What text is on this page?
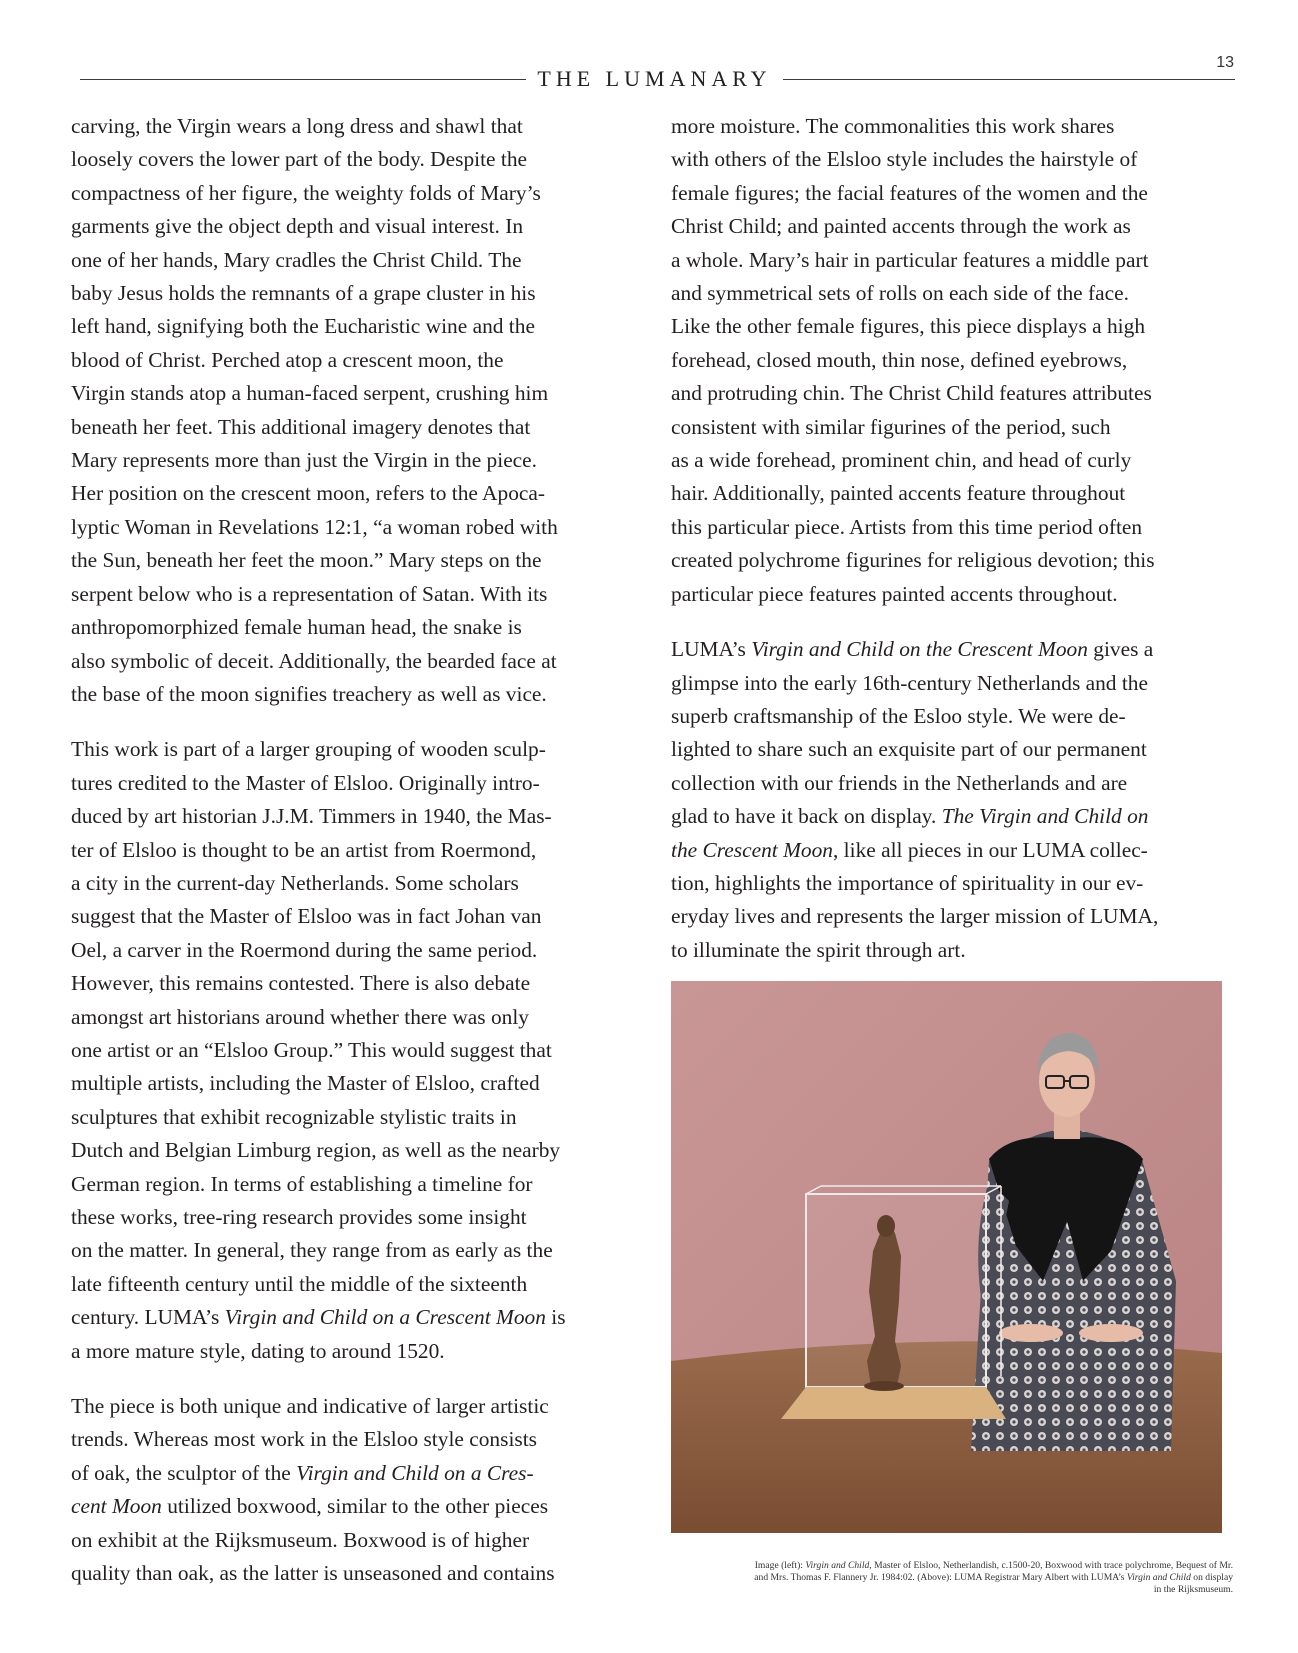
THE LUMANARY
13

carving, the Virgin wears a long dress and shawl that
loosely covers the lower part of the body. Despite the
compactness of her figure, the weighty folds of Mary’s
garments give the object depth and visual interest. In
one of her hands, Mary cradles the Christ Child. The
baby Jesus holds the remnants of a grape cluster in his
left hand, signifying both the Eucharistic wine and the
blood of Christ. Perched atop a crescent moon, the
Virgin stands atop a human-faced serpent, crushing him
beneath her feet. This additional imagery denotes that
Mary represents more than just the Virgin in the piece.
Her position on the crescent moon, refers to the Apoca-
lyptic Woman in Revelations 12:1, “a woman robed with
the Sun, beneath her feet the moon.” Mary steps on the
serpent below who is a representation of Satan. With its
anthropomorphized female human head, the snake is
also symbolic of deceit. Additionally, the bearded face at
the base of the moon signifies treachery as well as vice.

This work is part of a larger grouping of wooden sculp-
tures credited to the Master of Elsloo. Originally intro-
duced by art historian J.J.M. Timmers in 1940, the Mas-
ter of Elsloo is thought to be an artist from Roermond,
a city in the current-day Netherlands. Some scholars
suggest that the Master of Elsloo was in fact Johan van
Oel, a carver in the Roermond during the same period.
However, this remains contested. There is also debate
amongst art historians around whether there was only
one artist or an “Elsloo Group.” This would suggest that
multiple artists, including the Master of Elsloo, crafted
sculptures that exhibit recognizable stylistic traits in
Dutch and Belgian Limburg region, as well as the nearby
German region. In terms of establishing a timeline for
these works, tree-ring research provides some insight
on the matter. In general, they range from as early as the
late fifteenth century until the middle of the sixteenth
century. LUMA’s Virgin and Child on a Crescent Moon is
a more mature style, dating to around 1520.

The piece is both unique and indicative of larger artistic
trends. Whereas most work in the Elsloo style consists
of oak, the sculptor of the Virgin and Child on a Cres-
cent Moon utilized boxwood, similar to the other pieces
on exhibit at the Rijksmuseum. Boxwood is of higher
quality than oak, as the latter is unseasoned and contains

more moisture. The commonalities this work shares
with others of the Elsloo style includes the hairstyle of
female figures; the facial features of the women and the
Christ Child; and painted accents through the work as
a whole. Mary’s hair in particular features a middle part
and symmetrical sets of rolls on each side of the face.
Like the other female figures, this piece displays a high
forehead, closed mouth, thin nose, defined eyebrows,
and protruding chin. The Christ Child features attributes
consistent with similar figurines of the period, such
as a wide forehead, prominent chin, and head of curly
hair. Additionally, painted accents feature throughout
this particular piece. Artists from this time period often
created polychrome figurines for religious devotion; this
particular piece features painted accents throughout.

LUMA’s Virgin and Child on the Crescent Moon gives a
glimpse into the early 16th-century Netherlands and the
superb craftsmanship of the Esloo style. We were de-
lighted to share such an exquisite part of our permanent
collection with our friends in the Netherlands and are
glad to have it back on display. The Virgin and Child on
the Crescent Moon, like all pieces in our LUMA collec-
tion, highlights the importance of spirituality in our ev-
eryday lives and represents the larger mission of LUMA,
to illuminate the spirit through art.

Image (left): Virgin and Child, Master of Elsloo, Netherlandish, c.1500-20, Boxwood with trace polychrome, Bequest of Mr.
and Mrs. Thomas F. Flannery Jr. 1984:02. (Above): LUMA Registrar Mary Albert with LUMA’s Virgin and Child on display
in the Rijksmuseum.
